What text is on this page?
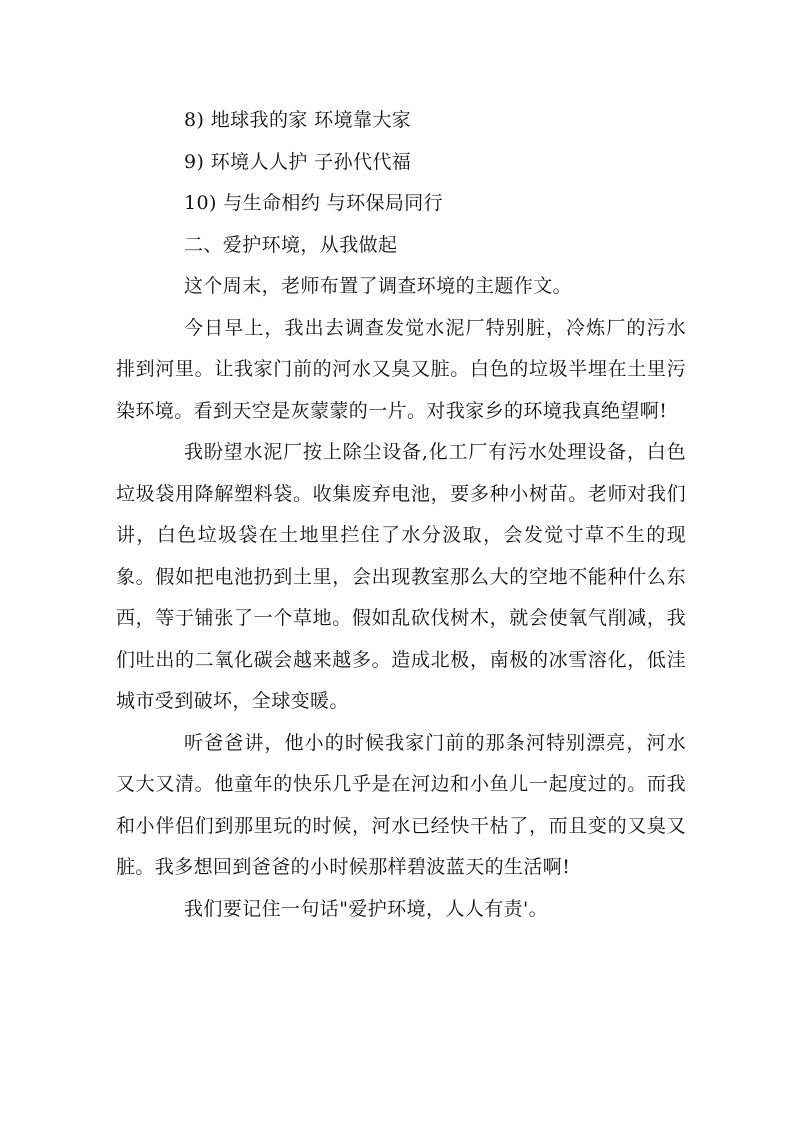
8) 地球我的家 环境靠大家

9) 环境人人护 子孙代代福

10) 与生命相约 与环保局同行

二、爱护环境，从我做起

这个周末，老师布置了调查环境的主题作文。

今日早上，我出去调查发觉水泥厂特别脏，冷炼厂的污水排到河里。让我家门前的河水又臭又脏。白色的垃圾半埋在土里污染环境。看到天空是灰蒙蒙的一片。对我家乡的环境我真绝望啊!

我盼望水泥厂按上除尘设备,化工厂有污水处理设备，白色垃圾袋用降解塑料袋。收集废弃电池，要多种小树苗。老师对我们讲，白色垃圾袋在土地里拦住了水分汲取，会发觉寸草不生的现象。假如把电池扔到土里，会出现教室那么大的空地不能种什么东西，等于铺张了一个草地。假如乱砍伐树木，就会使氧气削减，我们吐出的二氧化碳会越来越多。造成北极，南极的冰雪溶化，低洼城市受到破坏，全球变暖。

听爸爸讲，他小的时候我家门前的那条河特别漂亮，河水又大又清。他童年的快乐几乎是在河边和小鱼儿一起度过的。而我和小伴侣们到那里玩的时候，河水已经快干枯了，而且变的又臭又脏。我多想回到爸爸的小时候那样碧波蓝天的生活啊!

我们要记住一句话"爱护环境，人人有责'。
